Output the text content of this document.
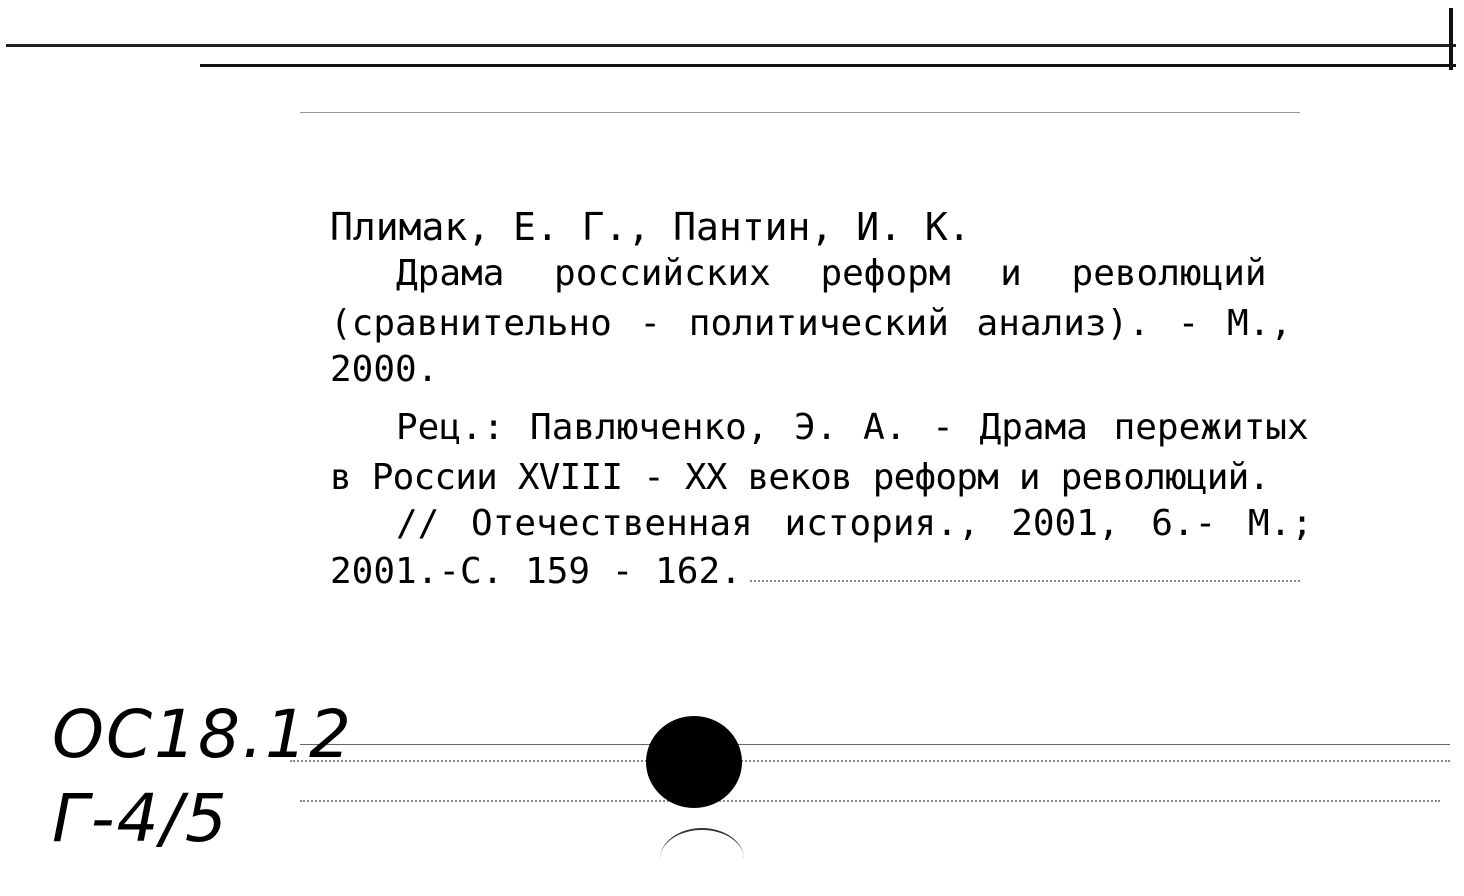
Плимак, Е. Г., Пантин, И. К.
Драма российских реформ и революций
(сравнительно - политический анализ). - М.,
2000.
Рец.: Павлюченко, Э. А. - Драма пережитых
в России XVIII - XX веков реформ и революций.
// Отечественная история., 2001, 6.- М.;
2001.-С. 159 - 162.
ОС18.12
Г-4/5
